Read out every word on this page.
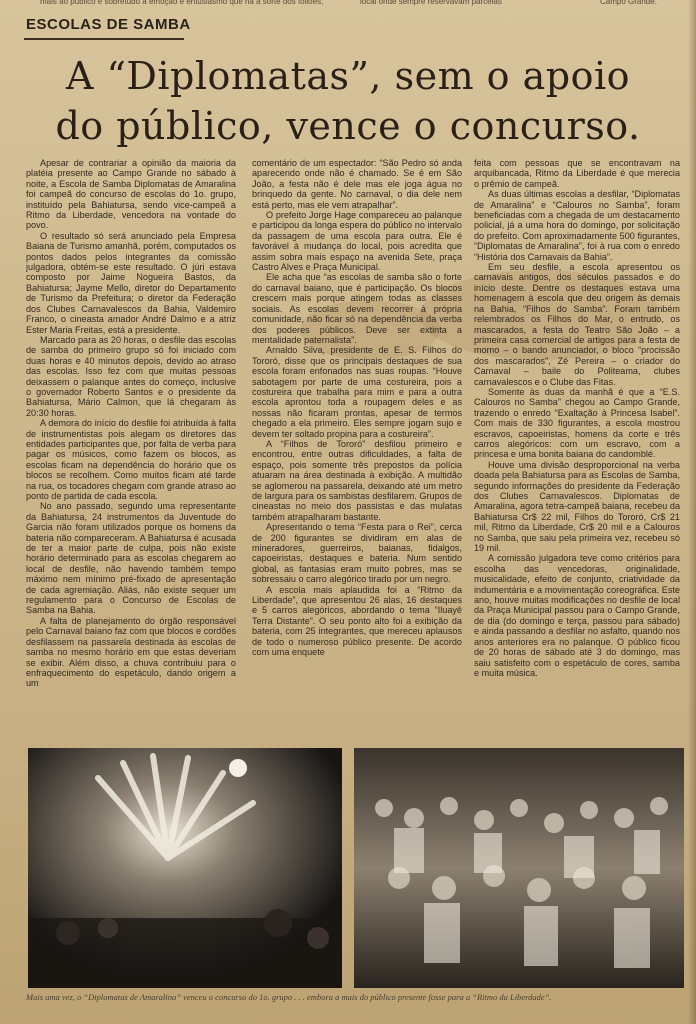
mais ao público e sobretudo à emoção e entusiasmo que há a sorte dos foliões,	local onde sempre reservavam parcelas	Campo Grande.
ESCOLAS DE SAMBA
A “Diplomatas”, sem o apoio
do público, vence o concurso.

Apesar de contrariar a opinião da maioria da platéia presente ao Campo Grande no sábado à noite, a Escola de Samba Diplomatas de Amaralina foi campeã do concurso de escolas do 1o. grupo, instituído pela Bahiatursa, sendo vice-campeã a Ritmo da Liberdade, vencedora na vontade do povo.

O resultado só será anunciado pela Empresa Baiana de Turismo amanhã, porém, computados os pontos dados pelos integrantes da comissão julgadora, obtém-se este resultado. O júri estava composto por Jaime Nogueira Bastos, da Bahiatursa; Jayme Mello, diretor do Departamento de Turismo da Prefeitura; o diretor da Federação dos Clubes Carnavalescos da Bahia, Valdemiro Franco, o cineasta amador André Dalmo e a atriz Ester Maria Freitas, está a presidente.

Marcado para as 20 horas, o desfile das escolas de samba do primeiro grupo só foi iniciado com duas horas e 40 minutos depois, devido ao atraso das escolas. Isso fez com que muitas pessoas deixassem o palanque antes do começo, inclusive o governador Roberto Santos e o presidente da Bahiatursa, Mário Calmon, que lá chegaram às 20:30 horas.

A demora do início do desfile foi atribuída à falta de instrumentistas pois alegam os diretores das entidades participantes que, por falta de verba para pagar os músicos, como fazem os blocos, as escolas ficam na dependência do horário que os blocos se recolhem. Como muitos ficam até tarde na rua, os tocadores chegam com grande atraso ao ponto de partida de cada escola.

No ano passado, segundo uma representante da Bahiatursa, 24 instrumentos da Juventude do Garcia não foram utilizados porque os homens da bateria não compareceram. A Bahiatursa é acusada de ter a maior parte de culpa, pois não existe horário determinado para as escolas chegarem ao local de desfile, não havendo também tempo máximo nem mínimo pré-fixado de apresentação de cada agremiação. Aliás, não existe sequer um regulamento para o Concurso de Escolas de Samba na Bahia.

A falta de planejamento do órgão responsável pelo Carnaval baiano faz com que blocos e cordões desfilassem na passarela destinada às escolas de samba no mesmo horário em que estas deveriam se exibir. Além disso, a chuva contribuiu para o enfraquecimento do espetáculo, dando origem a um

comentário de um espectador: “São Pedro só anda aparecendo onde não é chamado. Se é em São João, a festa não é dele mas ele joga água no brinquedo da gente. No carnaval, o dia dele nem está perto, mas ele vem atrapalhar”.

O prefeito Jorge Hage compareceu ao palanque e participou da longa espera do público no intervalo da passagem de uma escola para outra. Ele é favorável à mudança do local, pois acredita que assim sobra mais espaço na avenida Sete, praça Castro Alves e Praça Municipal.

Ele acha que “as escolas de samba são o forte do carnaval baiano, que é participação. Os blocos crescem mais porque atingem todas as classes sociais. As escolas devem recorrer à própria comunidade, não ficar só na dependência da verba dos poderes públicos. Deve ser extinta a mentalidade paternalista”.

Arnaldo Silva, presidente de E. S. Filhos do Tororó, disse que os principais destaques de sua escola foram enfonados nas suas roupas. “Houve sabotagem por parte de uma costureira, pois a costureira que trabalha para mim e para a outra escola aprontou toda a roupagem deles e as nossas não ficaram prontas, apesar de termos chegado a ela primeiro. Eles sempre jogam sujo e devem ter soltado propina para a costureira”.

A “Filhos de Tororó” desfilou primeiro e encontrou, entre outras dificuldades, a falta de espaço, pois somente três prepostos da polícia atuaram na área destinada à exibição. A multidão se aglomerou na passarela, deixando até um metro de largura para os sambistas desfilarem. Grupos de cineastas no meio dos passistas e das mulatas também atrapalharam bastante.

Apresentando o tema “Festa para o Rei”, cerca de 200 figurantes se dividiram em alas de mineradores, guerreiros, baianas, fidalgos, capoeiristas, destaques e bateria. Num sentido global, as fantasias eram muito pobres, mas se sobressaiu o carro alegórico tirado por um negro.

A escola mais aplaudida foi a “Ritmo da Liberdade”, que apresentou 26 alas, 16 destaques e 5 carros alegóricos, abordando o tema “Iluayê Terra Distante”. O seu ponto alto foi a exibição da bateria, com 25 integrantes, que mereceu aplausos de todo o numeroso público presente. De acordo com uma enquete

feita com pessoas que se encontravam na arquibancada, Ritmo da Liberdade é que merecia o prêmio de campeã.

As duas últimas escolas a desfilar, “Diplomatas de Amaralina” e “Calouros no Samba”, foram beneficiadas com a chegada de um destacamento policial, já a uma hora do domingo, por solicitação do prefeito. Com aproximadamente 500 figurantes, “Diplomatas de Amaralina”, foi à rua com o enredo “História dos Carnavais da Bahia”.

Em seu desfile, a escola apresentou os carnavais antigos, dos séculos passados e do início deste. Dentre os destaques estava uma homenagem à escola que deu origem às demais na Bahia, “Filhos do Samba”. Foram também relembrados os Filhos do Mar, o entrudo, os mascarados, a festa do Teatro São João – a primeira casa comercial de artigos para a festa de momo – o bando anunciador, o bloco “procissão dos mascarados”, Zé Pereira – o criador do Carnaval – baile do Politeama, clubes carnavalescos e o Clube das Fitas.

Somente às duas da manhã é que a “E.S. Calouros no Samba” chegou ao Campo Grande, trazendo o enredo “Exaltação à Princesa Isabel”. Com mais de 330 figurantes, a escola mostrou escravos, capoeiristas, homens da corte e três carros alegóricos: com um escravo, com a princesa e uma bonita baiana do candomblé.

Houve uma divisão desproporcional na verba doada pela Bahiatursa para as Escolas de Samba, segundo informações do presidente da Federação dos Clubes Carnavalescos. Diplomatas de Amaralina, agora tetra-campeã baiana, recebeu da Bahiatursa Cr$ 22 mil, Filhos do Tororó, Cr$ 21 mil, Ritmo da Liberdade, Cr$ 20 mil e a Calouros no Samba, que saiu pela primeira vez, recebeu só 19 mil.

A comissão julgadora teve como critérios para escolha das vencedoras, originalidade, musicalidade, efeito de conjunto, criatividade da indumentária e a movimentação coreográfica. Este ano, houve muitas modificações no desfile de local da Praça Municipal passou para o Campo Grande, de dia (do domingo e terça, passou para sábado) e ainda passando a desfilar no asfalto, quando nos anos anteriores era no palanque. O público ficou de 20 horas de sábado até 3 do domingo, mas saiu satisfeito com o espetáculo de cores, samba e muita música.

Mais uma vez, o “Diplomatas de Amaralina” venceu o concurso do 1o. grupo . . . embora a mais do público presente fosse para a “Ritmo da Liberdade”.
